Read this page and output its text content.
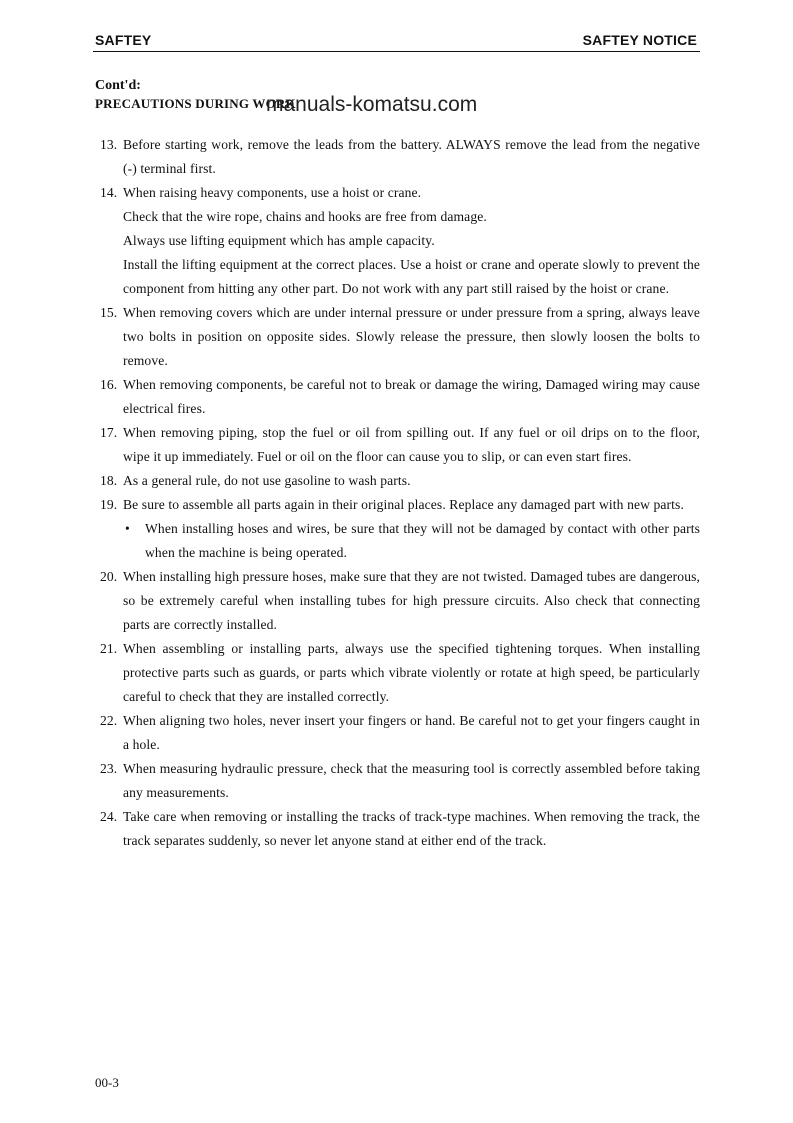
SAFTEY	SAFTEY NOTICE
Cont'd:
PRECAUTIONS DURING WORK
manuals-komatsu.com
13. Before starting work, remove the leads from the battery. ALWAYS remove the lead from the negative (-) terminal first.

14. When raising heavy components, use a hoist or crane.

Check that the wire rope, chains and hooks are free from damage.

Always use lifting equipment which has ample capacity.

Install the lifting equipment at the correct places. Use a hoist or crane and operate slowly to prevent the component from hitting any other part. Do not work with any part still raised by the hoist or crane.

15. When removing covers which are under internal pressure or under pressure from a spring, always leave two bolts in position on opposite sides. Slowly release the pressure, then slowly loosen the bolts to remove.

16. When removing components, be careful not to break or damage the wiring, Damaged wiring may cause electrical fires.

17. When removing piping, stop the fuel or oil from spilling out. If any fuel or oil drips on to the floor, wipe it up immediately. Fuel or oil on the floor can cause you to slip, or can even start fires.

18. As a general rule, do not use gasoline to wash parts.

19. Be sure to assemble all parts again in their original places. Replace any damaged part with new parts.

•	When installing hoses and wires, be sure that they will not be damaged by contact with other parts when the machine is being operated.
20. When installing high pressure hoses, make sure that they are not twisted. Damaged tubes are dangerous, so be extremely careful when installing tubes for high pressure circuits. Also check that connecting parts are correctly installed.

21. When assembling or installing parts, always use the specified tightening torques. When installing protective parts such as guards, or parts which vibrate violently or rotate at high speed, be particularly careful to check that they are installed correctly.

22. When aligning two holes, never insert your fingers or hand. Be careful not to get your fingers caught in a hole.

23. When measuring hydraulic pressure, check that the measuring tool is correctly assembled before taking any measurements.

24. Take care when removing or installing the tracks of track-type machines. When removing the track, the track separates suddenly, so never let anyone stand at either end of the track.

00-3
